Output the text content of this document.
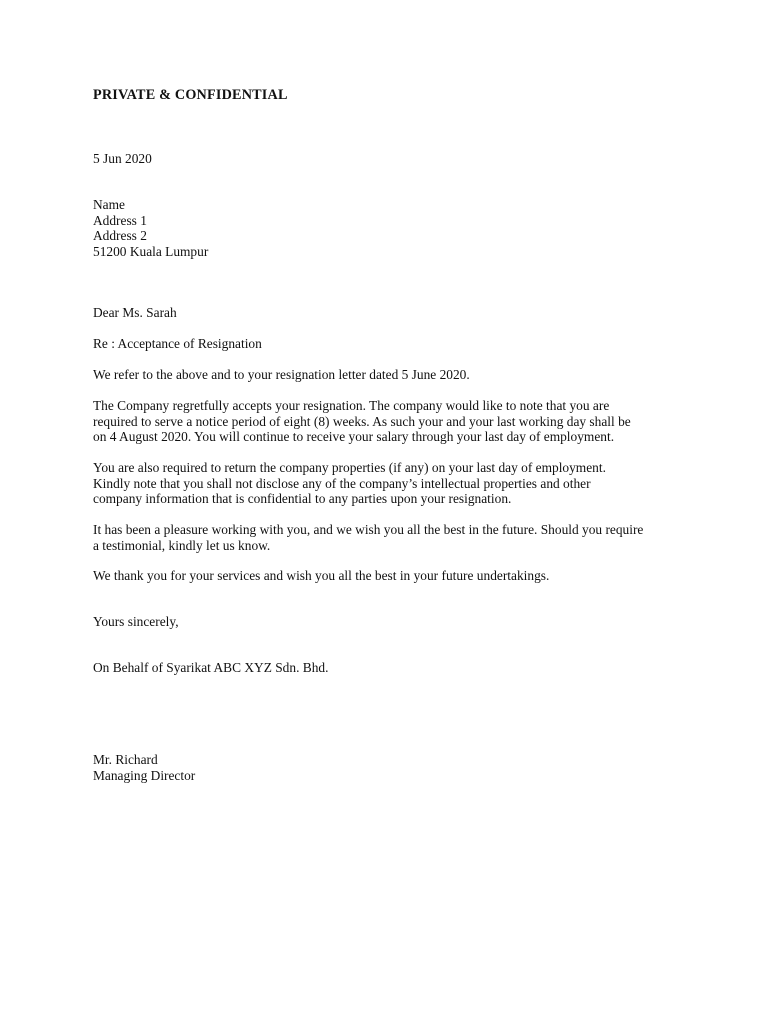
PRIVATE & CONFIDENTIAL
5 Jun 2020
Name
Address 1
Address 2
51200 Kuala Lumpur
Dear Ms. Sarah
Re : Acceptance of Resignation
We refer to the above and to your resignation letter dated 5 June 2020.
The Company regretfully accepts your resignation. The company would like to note that you are
required to serve a notice period of eight (8) weeks. As such your and your last working day shall be
on 4 August 2020. You will continue to receive your salary through your last day of employment.
You are also required to return the company properties (if any) on your last day of employment.
Kindly note that you shall not disclose any of the company’s intellectual properties and other
company information that is confidential to any parties upon your resignation.
It has been a pleasure working with you, and we wish you all the best in the future. Should you require
a testimonial, kindly let us know.
We thank you for your services and wish you all the best in your future undertakings.
Yours sincerely,
On Behalf of Syarikat ABC XYZ Sdn. Bhd.
Mr. Richard
Managing Director
